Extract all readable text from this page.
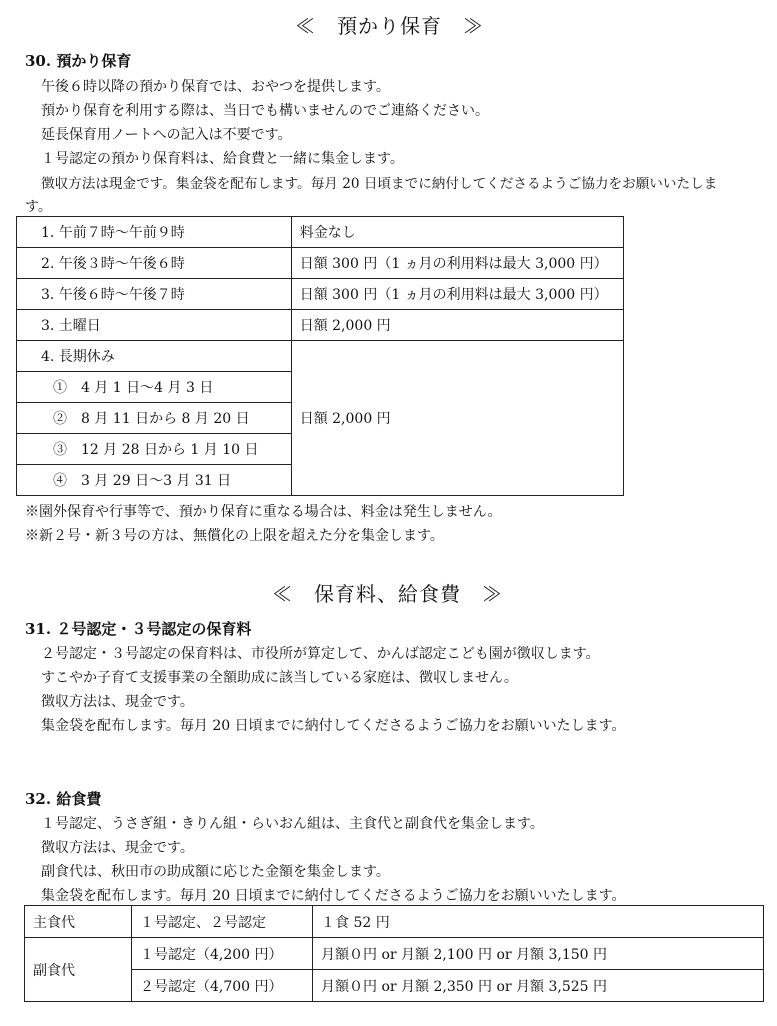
≪　預かり保育　≫
30. 預かり保育
午後６時以降の預かり保育では、おやつを提供します。
預かり保育を利用する際は、当日でも構いませんのでご連絡ください。
延長保育用ノートへの記入は不要です。
１号認定の預かり保育料は、給食費と一緒に集金します。
徴収方法は現金です。集金袋を配布します。毎月 20 日頃までに納付してくださるようご協力をお願いいたしま
す。
1. 午前７時～午前９時	料金なし
2. 午後３時～午後６時	日額 300 円（1 ヵ月の利用料は最大 3,000 円）
3. 午後６時～午後７時	日額 300 円（1 ヵ月の利用料は最大 3,000 円）
3. 土曜日	日額 2,000 円
4. 長期休み	日額 2,000 円
①　4 月 1 日～4 月 3 日	
②　8 月 11 日から 8 月 20 日	
③　12 月 28 日から 1 月 10 日	
④　3 月 29 日～3 月 31 日	
※園外保育や行事等で、預かり保育に重なる場合は、料金は発生しません。
※新２号・新３号の方は、無償化の上限を超えた分を集金します。
≪　保育料、給食費　≫
31. ２号認定・３号認定の保育料
２号認定・３号認定の保育料は、市役所が算定して、かんば認定こども園が徴収します。
すこやか子育て支援事業の全額助成に該当している家庭は、徴収しません。
徴収方法は、現金です。
集金袋を配布します。毎月 20 日頃までに納付してくださるようご協力をお願いいたします。
32. 給食費
１号認定、うさぎ組・きりん組・らいおん組は、主食代と副食代を集金します。
徴収方法は、現金です。
副食代は、秋田市の助成額に応じた金額を集金します。
集金袋を配布します。毎月 20 日頃までに納付してくださるようご協力をお願いいたします。
主食代	１号認定、２号認定	１食 52 円
副食代	１号認定（4,200 円）	月額０円 or 月額 2,100 円 or 月額 3,150 円
	２号認定（4,700 円）	月額０円 or 月額 2,350 円 or 月額 3,525 円
